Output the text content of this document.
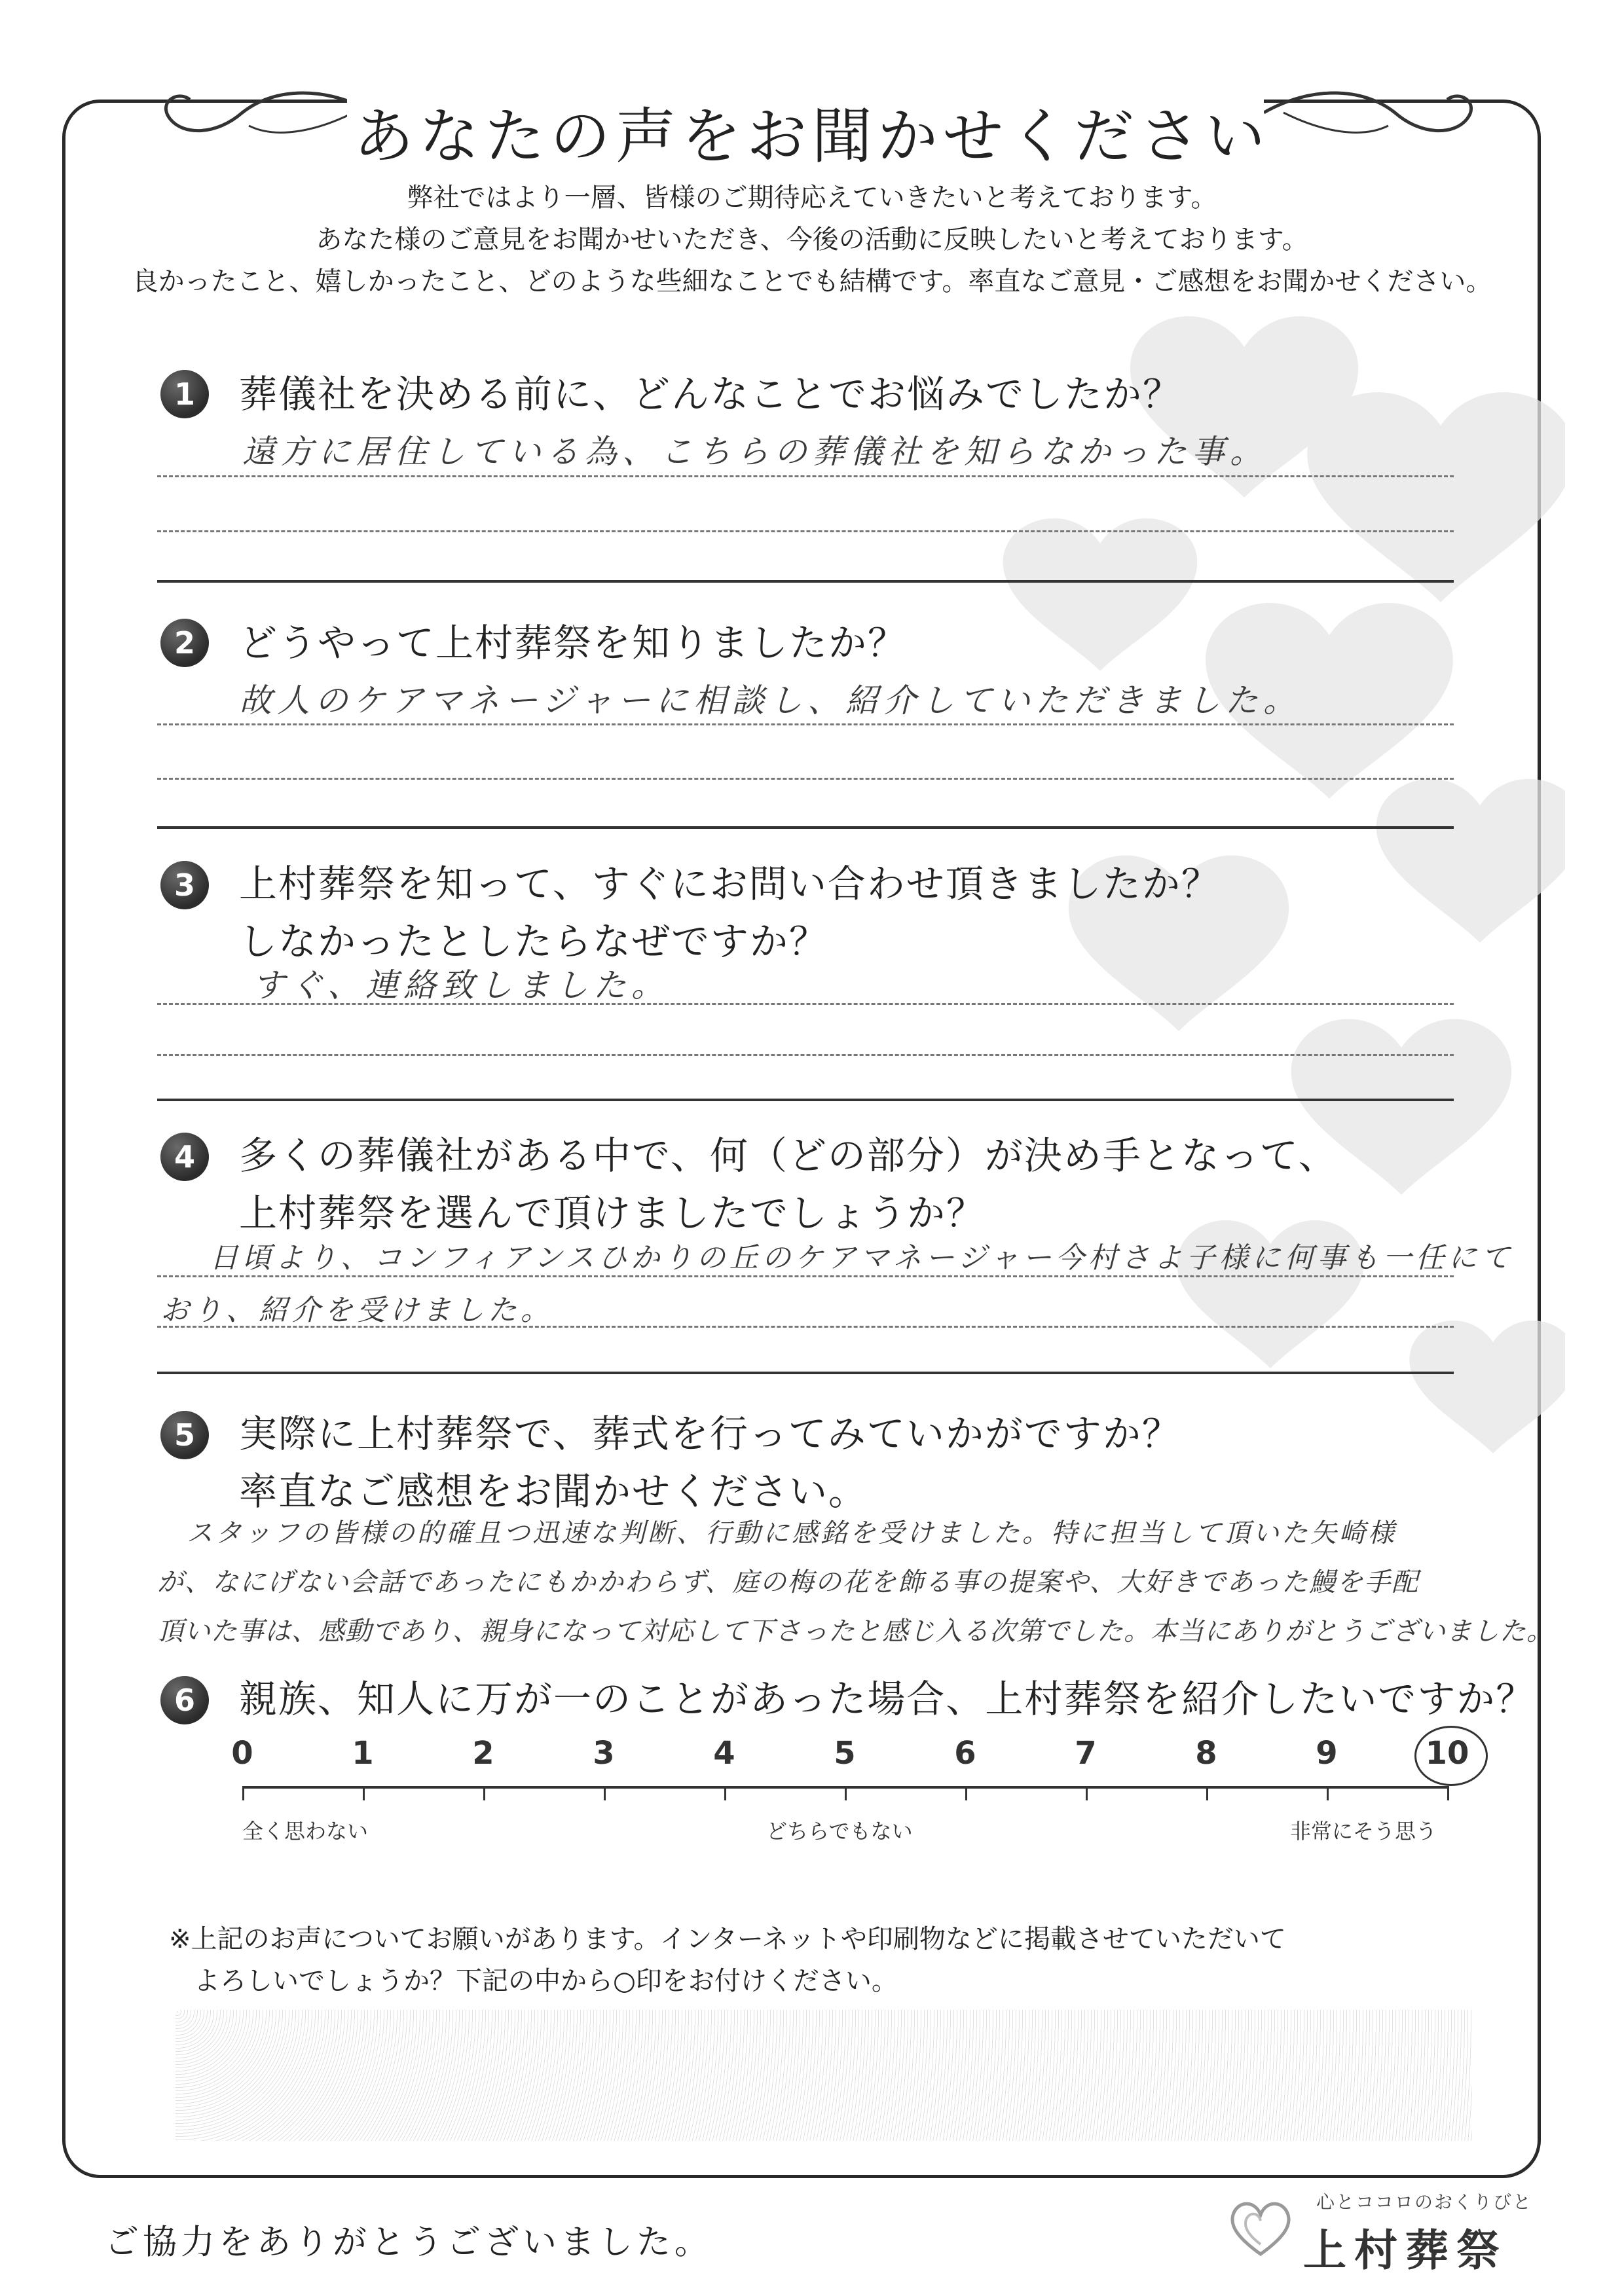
あなたの声をお聞かせください
弊社ではより一層、皆様のご期待応えていきたいと考えております。
あなた様のご意見をお聞かせいただき、今後の活動に反映したいと考えております。
良かったこと、嬉しかったこと、どのような些細なことでも結構です。率直なご意見・ご感想をお聞かせください。
1	葬儀社を決める前に、どんなことでお悩みでしたか？
遠方に居住している為、こちらの葬儀社を知らなかった事。
2	どうやって上村葬祭を知りましたか？
故人のケアマネージャーに相談し、紹介していただきました。
3	上村葬祭を知って、すぐにお問い合わせ頂きましたか？
しなかったとしたらなぜですか？
すぐ、連絡致しました。
4	多くの葬儀社がある中で、何（どの部分）が決め手となって、
上村葬祭を選んで頂けましたでしょうか？
日頃より、コンフィアンスひかりの丘のケアマネージャー今村さよ子様に何事も一任にて
おり、紹介を受けました。
5	実際に上村葬祭で、葬式を行ってみていかがですか？
率直なご感想をお聞かせください。
スタッフの皆様の的確且つ迅速な判断、行動に感銘を受けました。特に担当して頂いた矢崎様
が、なにげない会話であったにもかかわらず、庭の梅の花を飾る事の提案や、大好きであった鰻を手配
頂いた事は、感動であり、親身になって対応して下さったと感じ入る次第でした。本当にありがとうございました。
6	親族、知人に万が一のことがあった場合、上村葬祭を紹介したいですか？
0	1	2	3	4	5	6	7	8	9	10
全く思わない	どちらでもない	非常にそう思う
※上記のお声についてお願いがあります。インターネットや印刷物などに掲載させていただいて
よろしいでしょうか？下記の中から○印をお付けください。
ご協力をありがとうございました。
心とココロのおくりびと
上村葬祭
